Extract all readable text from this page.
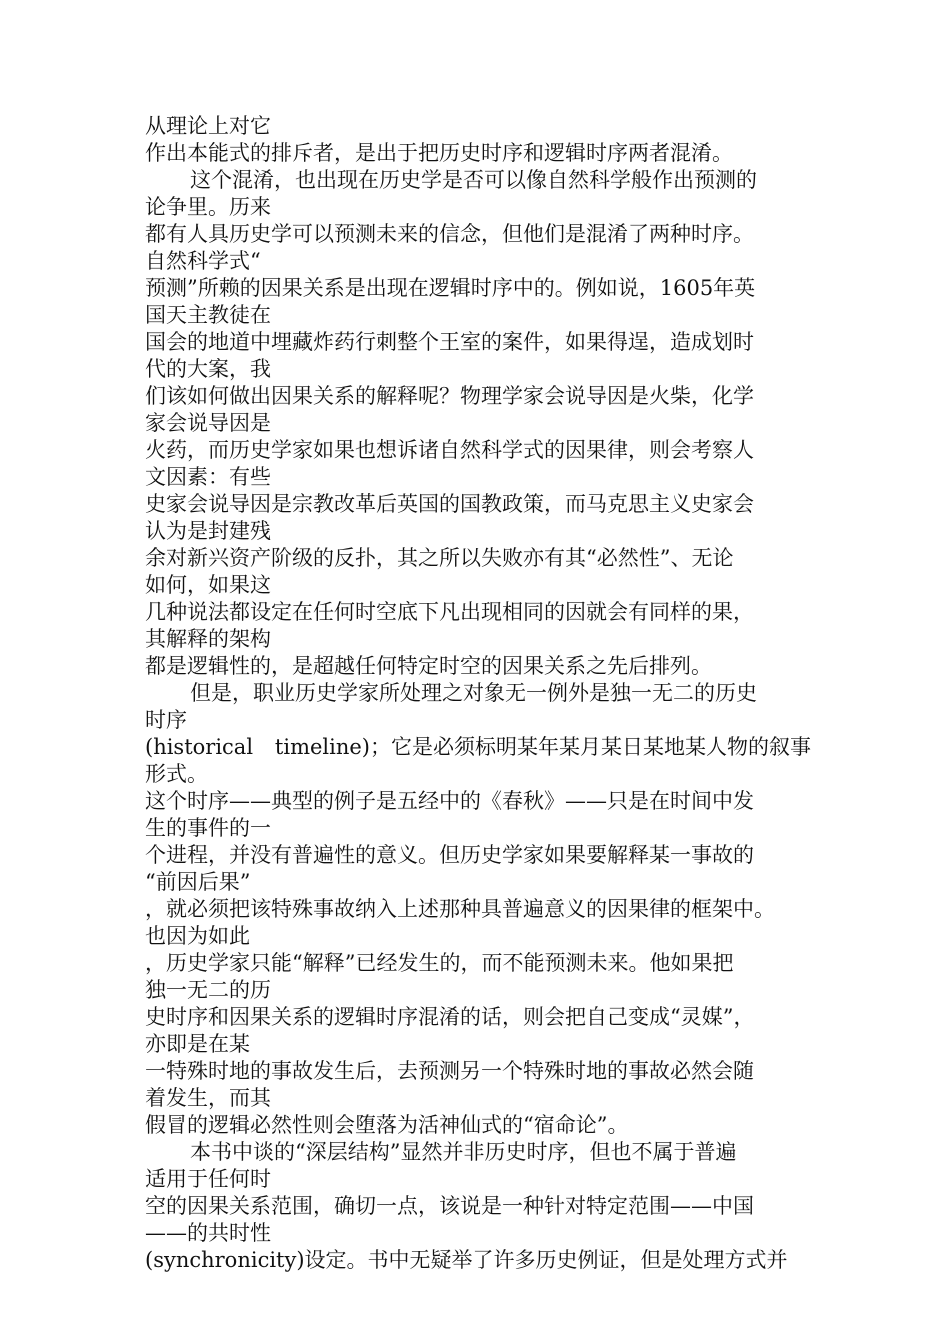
从理论上对它
作出本能式的排斥者，是出于把历史时序和逻辑时序两者混淆。
这个混淆，也出现在历史学是否可以像自然科学般作出预测的
论争里。历来
都有人具历史学可以预测未来的信念，但他们是混淆了两种时序。
自然科学式“
预测”所赖的因果关系是出现在逻辑时序中的。例如说，1605年英
国天主教徒在
国会的地道中埋藏炸药行刺整个王室的案件，如果得逞，造成划时
代的大案，我
们该如何做出因果关系的解释呢？物理学家会说导因是火柴，化学
家会说导因是
火药，而历史学家如果也想诉诸自然科学式的因果律，则会考察人
文因素：有些
史家会说导因是宗教改革后英国的国教政策，而马克思主义史家会
认为是封建残
余对新兴资产阶级的反扑，其之所以失败亦有其“必然性”、无论
如何，如果这
几种说法都设定在任何时空底下凡出现相同的因就会有同样的果，
其解释的架构
都是逻辑性的，是超越任何特定时空的因果关系之先后排列。
但是，职业历史学家所处理之对象无一例外是独一无二的历史
时序
(historical timeline)；它是必须标明某年某月某日某地某人物的叙事
形式。
这个时序——典型的例子是五经中的《春秋》——只是在时间中发
生的事件的一
个进程，并没有普遍性的意义。但历史学家如果要解释某一事故的
“前因后果”
，就必须把该特殊事故纳入上述那种具普遍意义的因果律的框架中。
也因为如此
，历史学家只能“解释”已经发生的，而不能预测未来。他如果把
独一无二的历
史时序和因果关系的逻辑时序混淆的话，则会把自己变成“灵媒”，
亦即是在某
一特殊时地的事故发生后，去预测另一个特殊时地的事故必然会随
着发生，而其
假冒的逻辑必然性则会堕落为活神仙式的“宿命论”。
本书中谈的“深层结构”显然并非历史时序，但也不属于普遍
适用于任何时
空的因果关系范围，确切一点，该说是一种针对特定范围——中国
——的共时性
(synchronicity)设定。书中无疑举了许多历史例证，但是处理方式并
